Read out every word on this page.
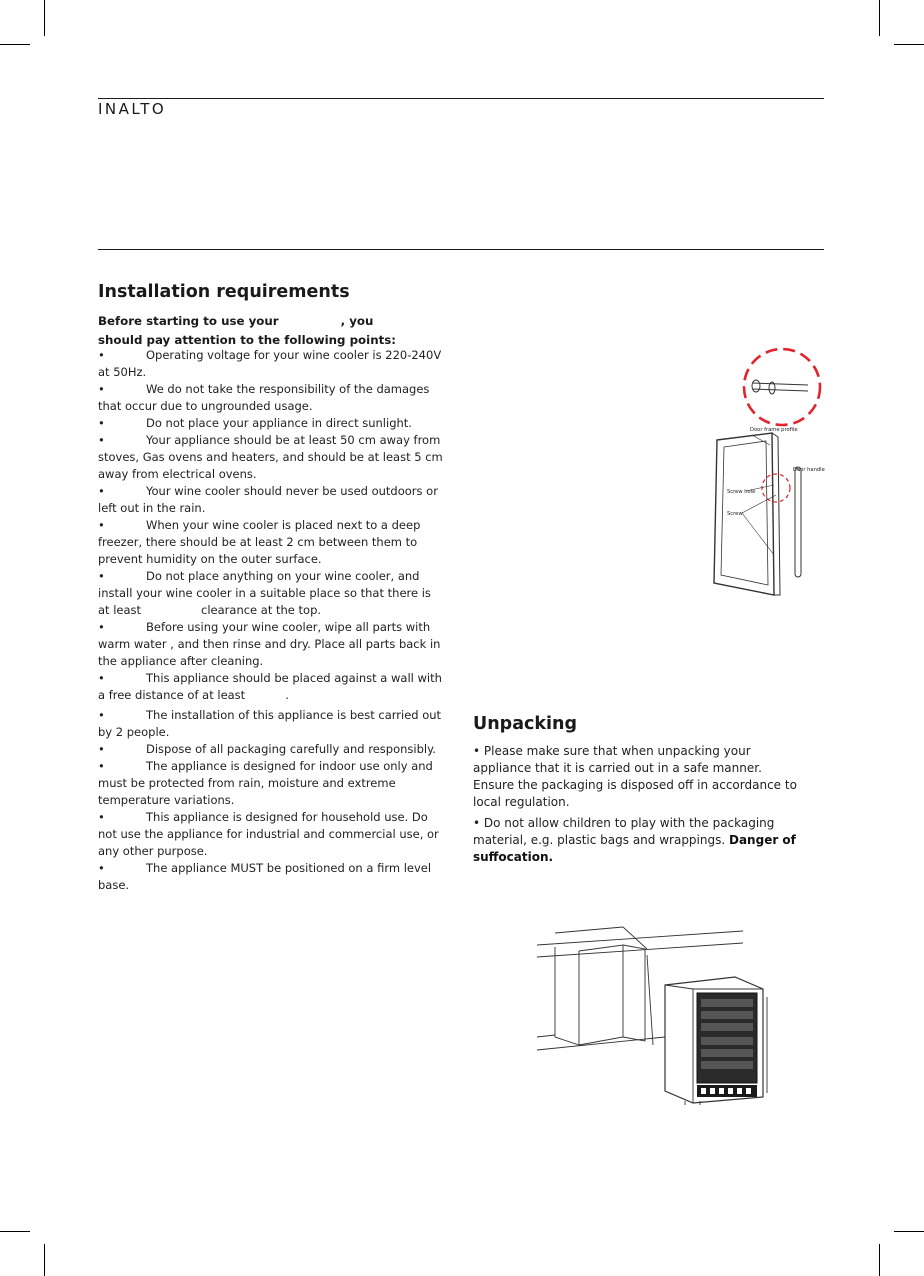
INALTO
Installation requirements
Before starting to use your	, you
should pay attention to the following points:
•	Operating voltage for your wine cooler is 220-240V at 50Hz.
•	We do not take the responsibility of the damages that occur due to ungrounded usage.
•	Do not place your appliance in direct sunlight.
•	Your appliance should be at least 50 cm away from stoves, Gas ovens and heaters, and should be at least 5 cm away from electrical ovens.
•	Your wine cooler should never be used outdoors or left out in the rain.
•	When your wine cooler is placed next to a deep freezer, there should be at least 2 cm between them to prevent humidity on the outer surface.
•	Do not place anything on your wine cooler, and install your wine cooler in a suitable place so that there is at least	clearance at the top.
•	Before using your wine cooler, wipe all parts with warm water , and then rinse and dry. Place all parts back in the appliance after cleaning.
•	This appliance should be placed against a wall with a free distance of at least	.
•	The installation of this appliance is best carried out by 2 people.
•	Dispose of all packaging carefully and responsibly.
•	The appliance is designed for indoor use only and must be protected from rain, moisture and extreme temperature variations.
•	This appliance is designed for household use. Do not use the appliance for industrial and commercial use, or any other purpose.
•	The appliance MUST be positioned on a firm level base.
Door frame profile
Door handle
Screw hole
Screw
Unpacking

• Please make sure that when unpacking your appliance that it is carried out in a safe manner. Ensure the packaging is disposed off in accordance to local regulation.

• Do not allow children to play with the packaging material, e.g. plastic bags and wrappings. Danger of suffocation.
